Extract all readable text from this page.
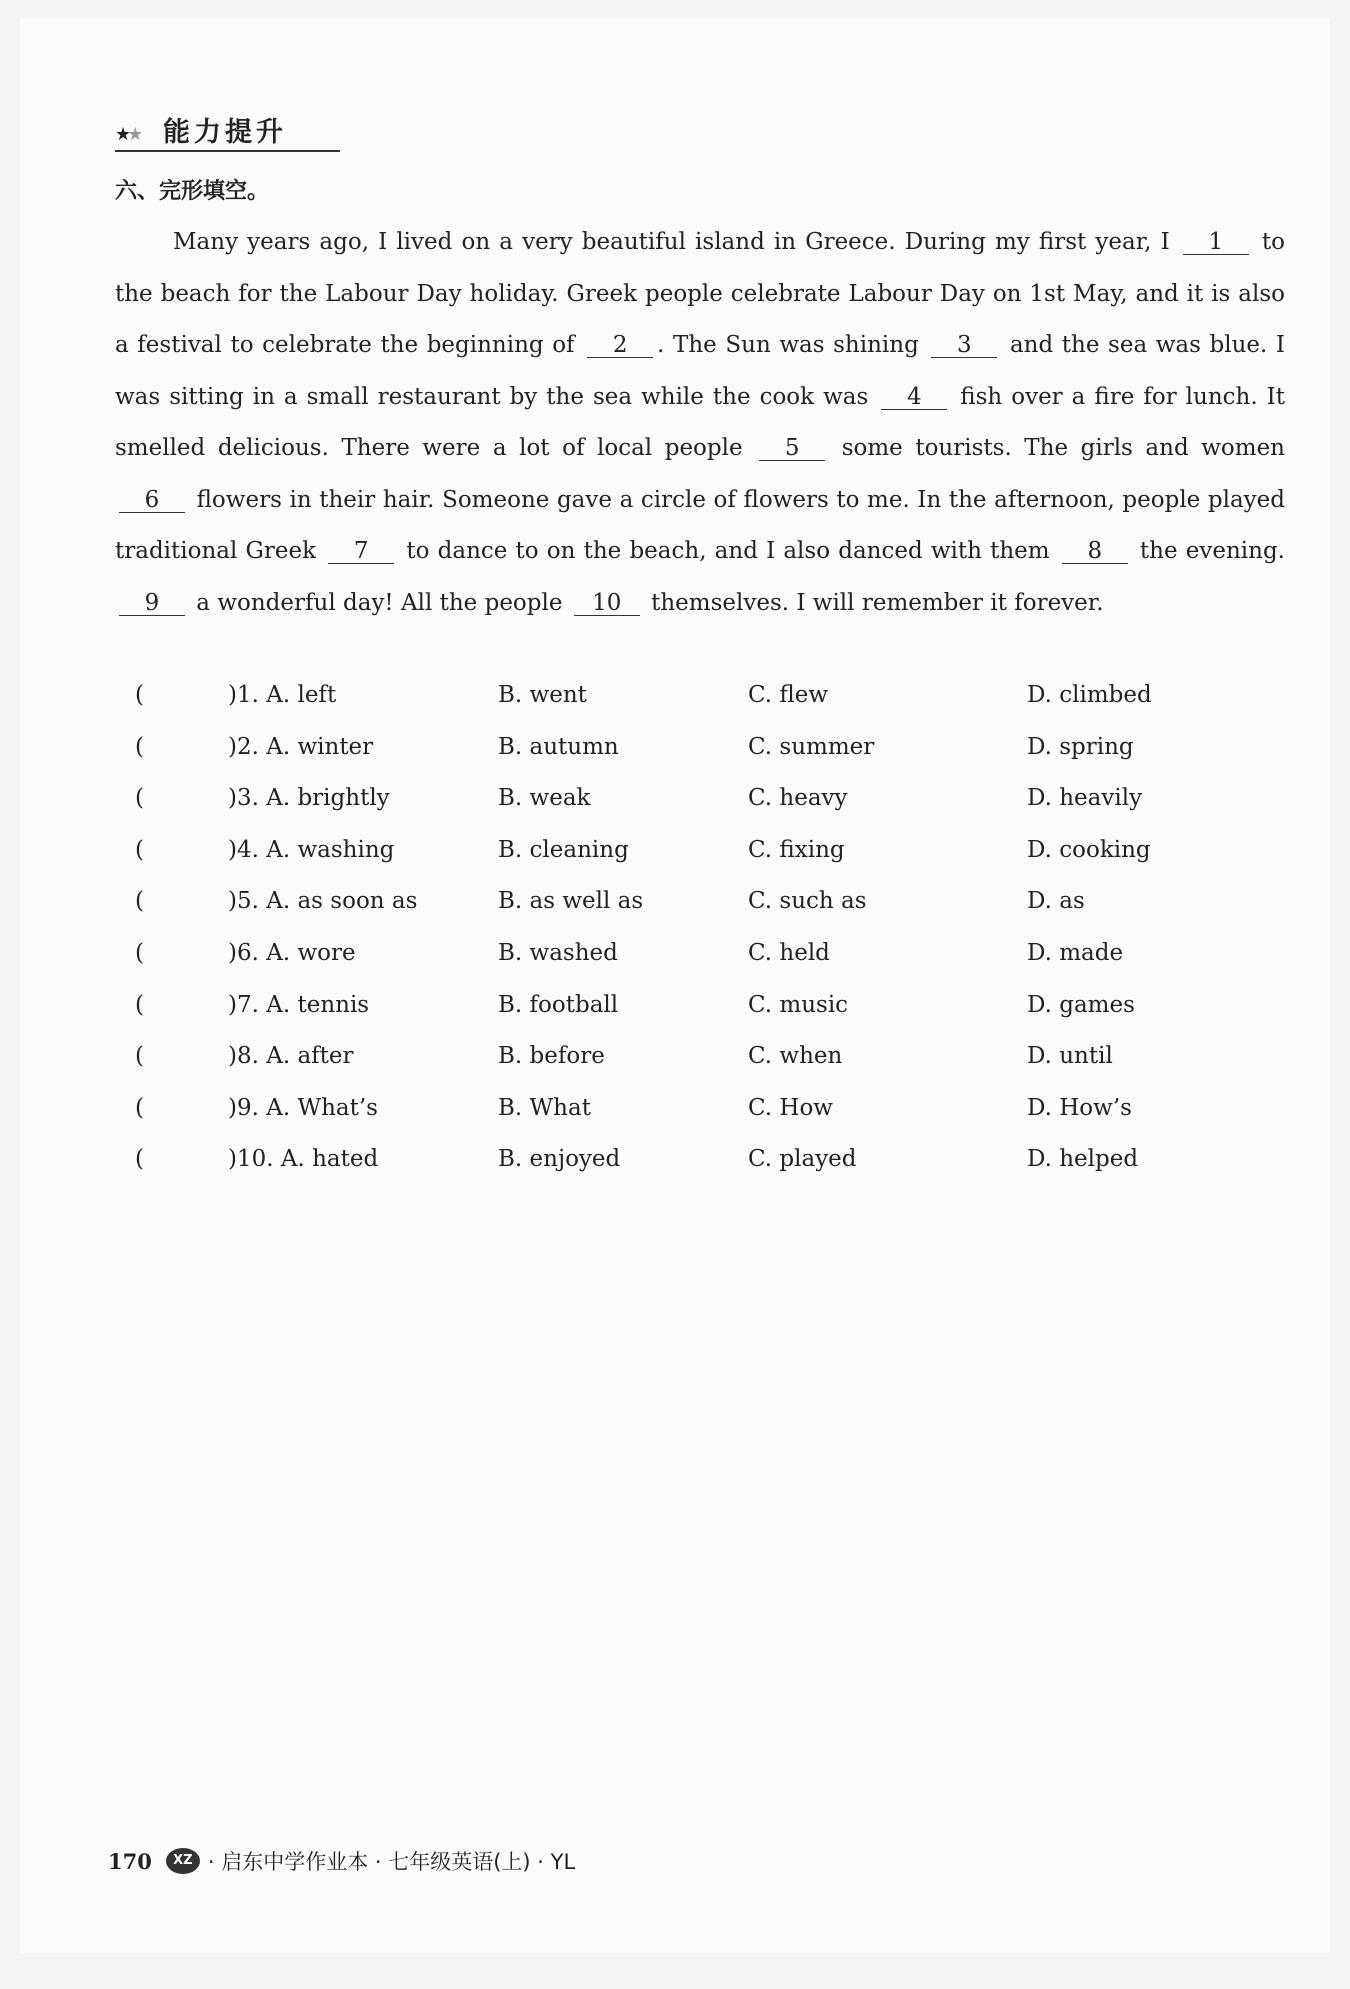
★★ 能力提升
六、完形填空。

Many years ago, I lived on a very beautiful island in Greece. During my first year, I 1 to the beach for the Labour Day holiday. Greek people celebrate Labour Day on 1st May, and it is also a festival to celebrate the beginning of 2 . The Sun was shining 3 and the sea was blue. I was sitting in a small restaurant by the sea while the cook was 4 fish over a fire for lunch. It smelled delicious. There were a lot of local people 5 some tourists. The girls and women 6 flowers in their hair. Someone gave a circle of flowers to me. In the afternoon, people played traditional Greek 7 to dance to on the beach, and I also danced with them 8 the evening. 9 a wonderful day! All the people 10 themselves. I will remember it forever.

(	)1. A. left	B. went	C. flew	D. climbed
(	)2. A. winter	B. autumn	C. summer	D. spring
(	)3. A. brightly	B. weak	C. heavy	D. heavily
(	)4. A. washing	B. cleaning	C. fixing	D. cooking
(	)5. A. as soon as	B. as well as	C. such as	D. as
(	)6. A. wore	B. washed	C. held	D. made
(	)7. A. tennis	B. football	C. music	D. games
(	)8. A. after	B. before	C. when	D. until
(	)9. A. What’s	B. What	C. How	D. How’s
(	)10. A. hated	B. enjoyed	C. played	D. helped
170	XZ · 启东中学作业本 · 七年级英语(上) · YL
